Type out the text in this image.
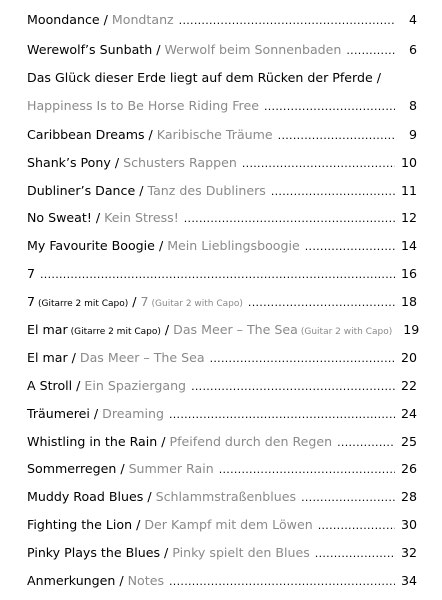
Moondance / Mondtanz . . .	4
Werewolf’s Sunbath / Werwolf beim Sonnenbaden . . .	6
Das Glück dieser Erde liegt auf dem Rücken der Pferde /
Happiness Is to Be Horse Riding Free . . .	8
Caribbean Dreams / Karibische Träume . . .	9
Shank’s Pony / Schusters Rappen . . .	10
Dubliner’s Dance / Tanz des Dubliners . . .	11
No Sweat! / Kein Stress! . . .	12
My Favourite Boogie / Mein Lieblingsboogie . . .	14
7 . . .	16
7 (Gitarre 2 mit Capo) / 7 (Guitar 2 with Capo) . . .	18
El mar (Gitarre 2 mit Capo) / Das Meer – The Sea (Guitar 2 with Capo) 19
El mar / Das Meer – The Sea . . .	20
A Stroll / Ein Spaziergang . . .	22
Träumerei / Dreaming . . .	24
Whistling in the Rain / Pfeifend durch den Regen . . .	25
Sommerregen / Summer Rain . . .	26
Muddy Road Blues / Schlammstraßenblues . . .	28
Fighting the Lion / Der Kampf mit dem Löwen . . .	30
Pinky Plays the Blues / Pinky spielt den Blues . . .	32
Anmerkungen / Notes . . .	34
